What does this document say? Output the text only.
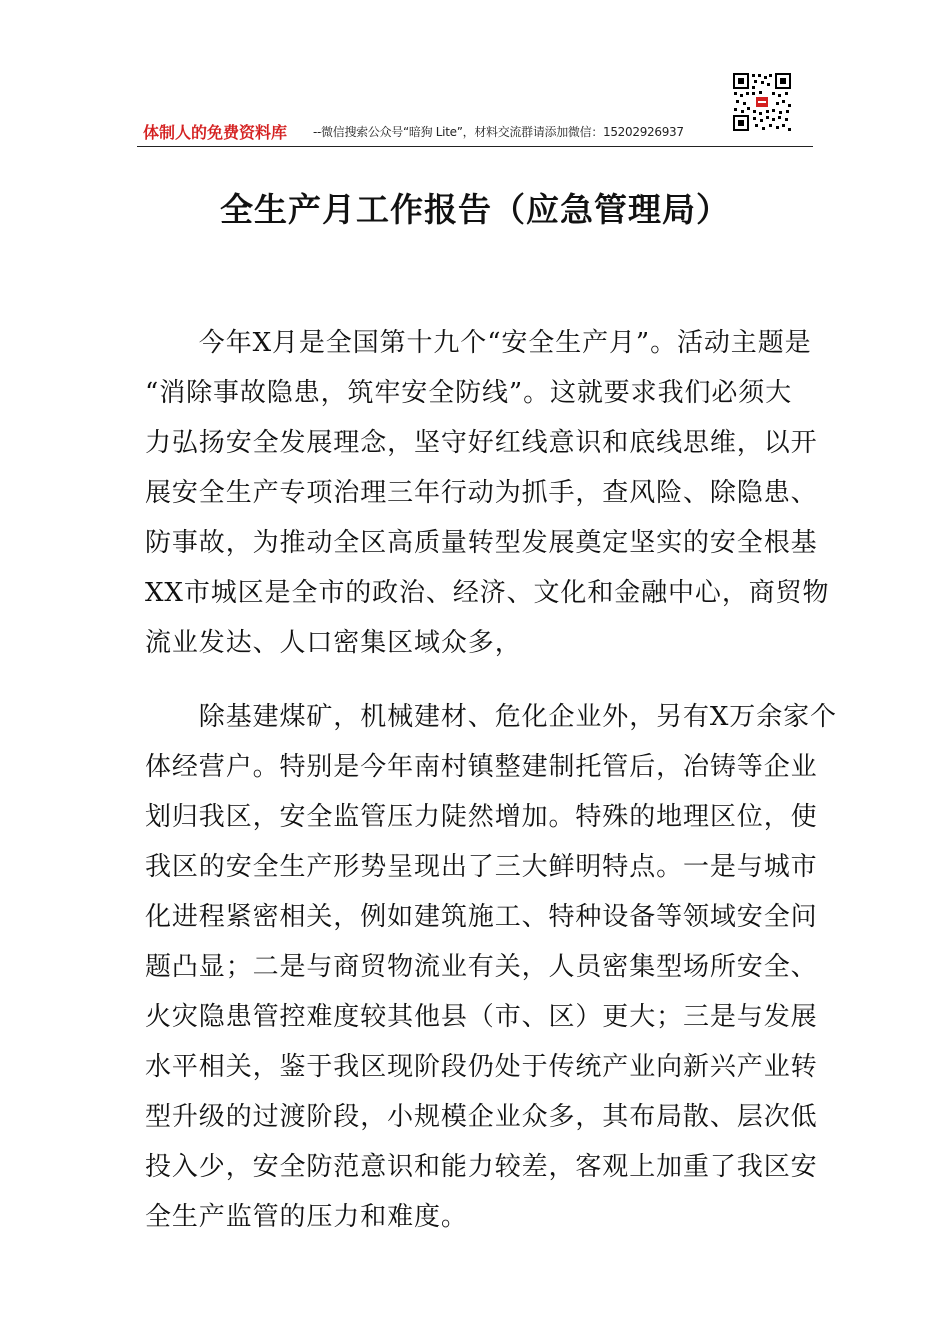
体制人的免费资料库 --微信搜索公众号“暗狗 Lite”，材料交流群请添加微信：15202926937
全生产月工作报告（应急管理局）

　　今年X月是全国第十九个“安全生产月”。活动主题是
“消除事故隐患，筑牢安全防线”。这就要求我们必须大
力弘扬安全发展理念，坚守好红线意识和底线思维，以开
展安全生产专项治理三年行动为抓手，查风险、除隐患、
防事故，为推动全区高质量转型发展奠定坚实的安全根基
XX市城区是全市的政治、经济、文化和金融中心，商贸物
流业发达、人口密集区域众多，

　　除基建煤矿，机械建材、危化企业外，另有X万余家个
体经营户。特别是今年南村镇整建制托管后，冶铸等企业
划归我区，安全监管压力陡然增加。特殊的地理区位，使
我区的安全生产形势呈现出了三大鲜明特点。一是与城市
化进程紧密相关，例如建筑施工、特种设备等领域安全问
题凸显；二是与商贸物流业有关，人员密集型场所安全、
火灾隐患管控难度较其他县（市、区）更大；三是与发展
水平相关，鉴于我区现阶段仍处于传统产业向新兴产业转
型升级的过渡阶段，小规模企业众多，其布局散、层次低
投入少，安全防范意识和能力较差，客观上加重了我区安
全生产监管的压力和难度。
